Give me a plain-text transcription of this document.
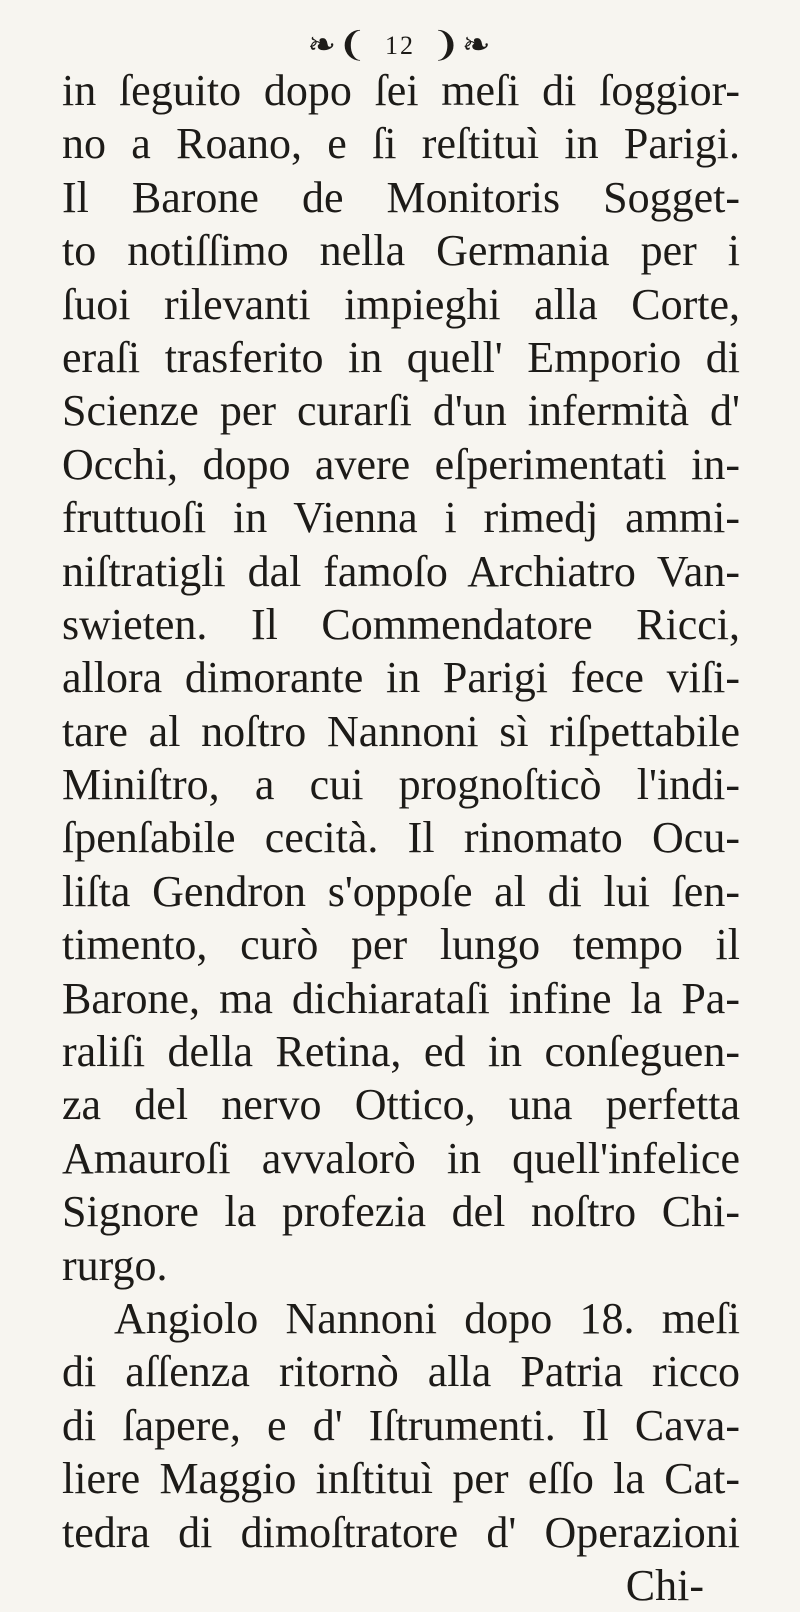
❧❨ 12 ❩❧
in ſeguito dopo ſei meſi di ſoggior-
no a Roano, e ſi reſtituì in Parigi.
Il Barone de Monitoris Sogget-
to notiſſimo nella Germania per i
ſuoi rilevanti impieghi alla Corte,
eraſi trasferito in quell' Emporio di
Scienze per curarſi d'un infermità d'
Occhi, dopo avere eſperimentati in-
fruttuoſi in Vienna i rimedj ammi-
niſtratigli dal famoſo Archiatro Van-
swieten. Il Commendatore Ricci,
allora dimorante in Parigi fece viſi-
tare al noſtro Nannoni sì riſpettabile
Miniſtro, a cui prognoſticò l'indi-
ſpenſabile cecità. Il rinomato Ocu-
liſta Gendron s'oppoſe al di lui ſen-
timento, curò per lungo tempo il
Barone, ma dichiarataſi infine la Pa-
raliſi della Retina, ed in conſeguen-
za del nervo Ottico, una perfetta
Amauroſi avvalorò in quell'infelice
Signore la profezia del noſtro Chi-
rurgo.
Angiolo Nannoni dopo 18. meſi
di aſſenza ritornò alla Patria ricco
di ſapere, e d' Iſtrumenti. Il Cava-
liere Maggio inſtituì per eſſo la Cat-
tedra di dimoſtratore d' Operazioni
Chi-
